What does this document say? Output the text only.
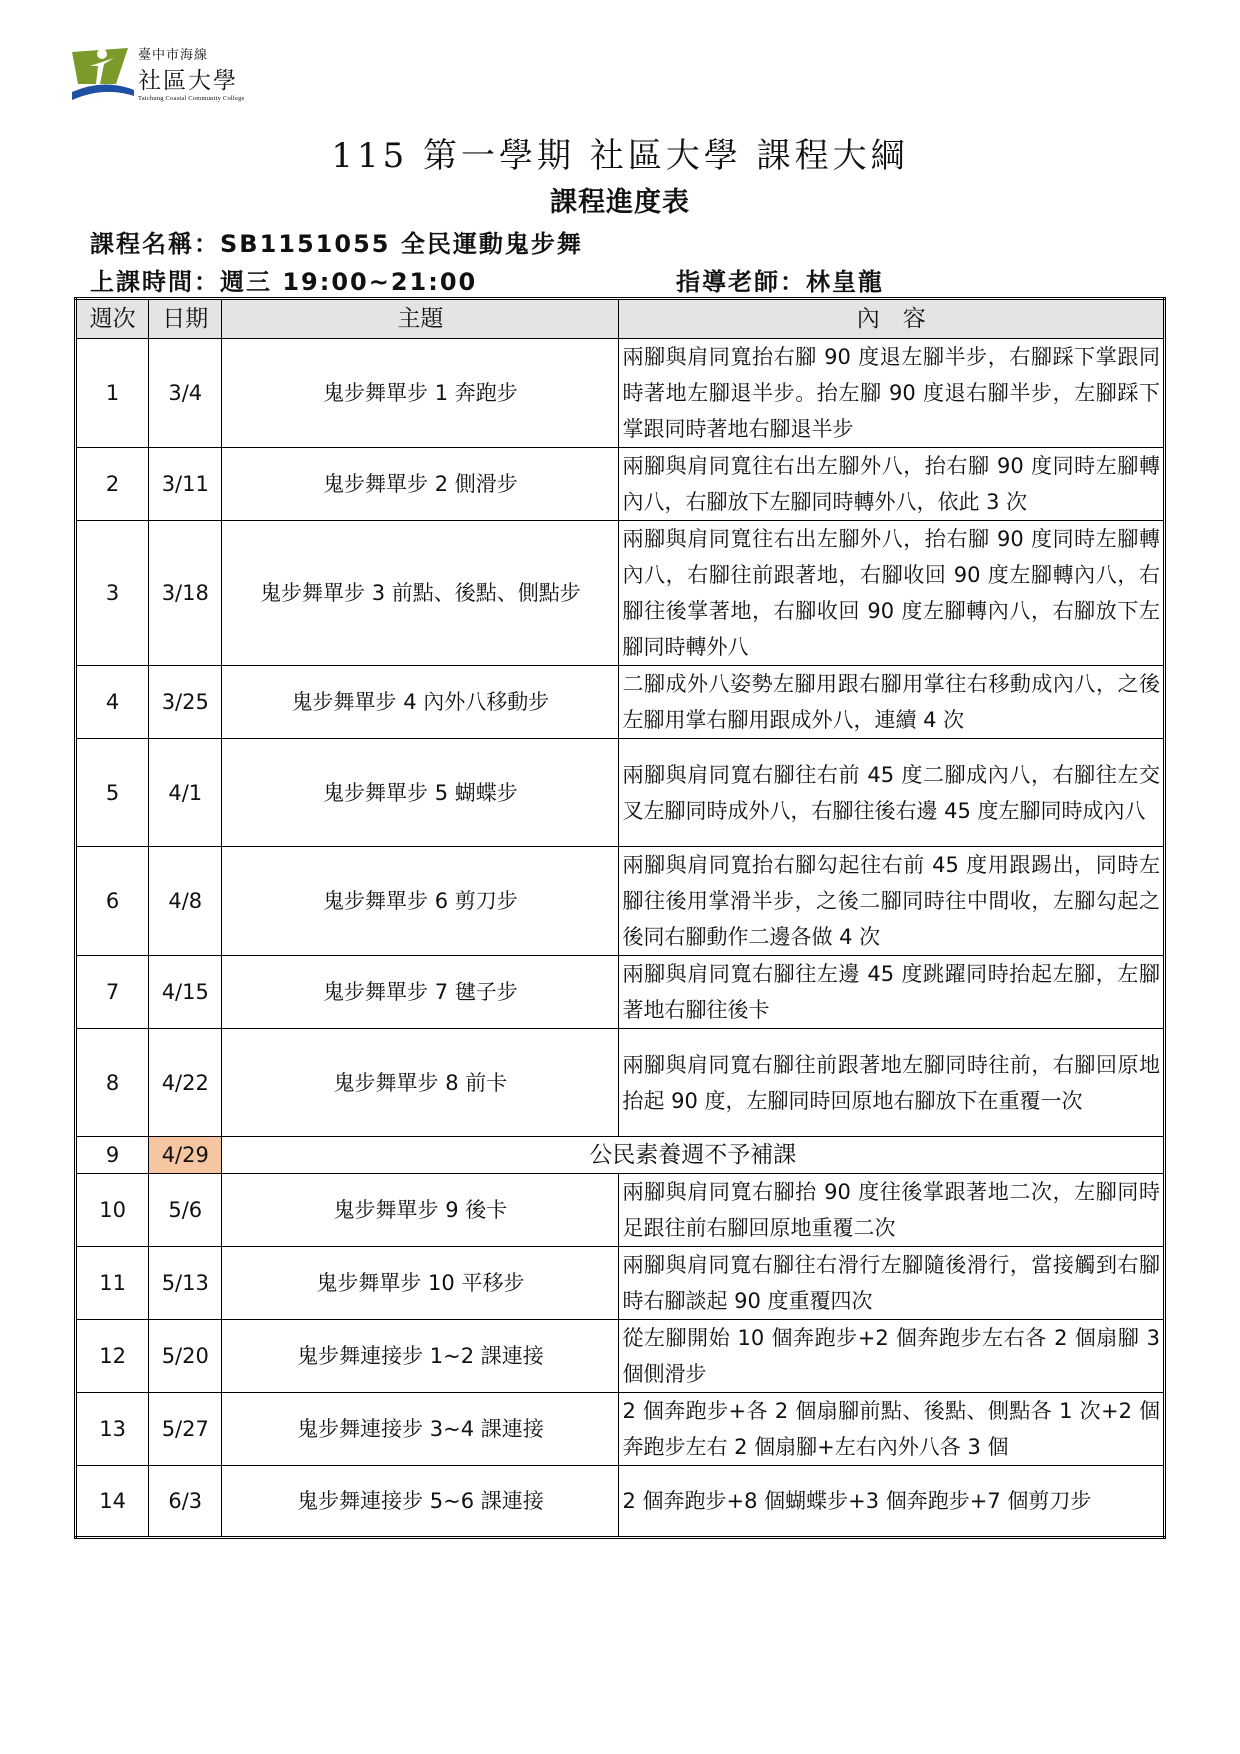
臺中市海線
社區大學
Taichung Coastal Community College
115 第一學期 社區大學 課程大綱
課程進度表
課程名稱：SB1151055 全民運動鬼步舞
上課時間：週三 19:00~21:00	指導老師：林皇龍
週次	日期	主題	內　容
1	3/4	鬼步舞單步 1 奔跑步	兩腳與肩同寬抬右腳 90 度退左腳半步，右腳踩下掌跟同時著地左腳退半步。抬左腳 90 度退右腳半步，左腳踩下掌跟同時著地右腳退半步
2	3/11	鬼步舞單步 2 側滑步	兩腳與肩同寬往右出左腳外八，抬右腳 90 度同時左腳轉內八，右腳放下左腳同時轉外八，依此 3 次
3	3/18	鬼步舞單步 3 前點、後點、側點步	兩腳與肩同寬往右出左腳外八，抬右腳 90 度同時左腳轉內八，右腳往前跟著地，右腳收回 90 度左腳轉內八，右腳往後掌著地，右腳收回 90 度左腳轉內八，右腳放下左腳同時轉外八
4	3/25	鬼步舞單步 4 內外八移動步	二腳成外八姿勢左腳用跟右腳用掌往右移動成內八，之後左腳用掌右腳用跟成外八，連續 4 次
5	4/1	鬼步舞單步 5 蝴蝶步	兩腳與肩同寬右腳往右前 45 度二腳成內八，右腳往左交叉左腳同時成外八，右腳往後右邊 45 度左腳同時成內八
6	4/8	鬼步舞單步 6 剪刀步	兩腳與肩同寬抬右腳勾起往右前 45 度用跟踢出，同時左腳往後用掌滑半步，之後二腳同時往中間收，左腳勾起之後同右腳動作二邊各做 4 次
7	4/15	鬼步舞單步 7 毽子步	兩腳與肩同寬右腳往左邊 45 度跳躍同時抬起左腳，左腳著地右腳往後卡
8	4/22	鬼步舞單步 8 前卡	兩腳與肩同寬右腳往前跟著地左腳同時往前，右腳回原地抬起 90 度，左腳同時回原地右腳放下在重覆一次
9	4/29	公民素養週不予補課	
10	5/6	鬼步舞單步 9 後卡	兩腳與肩同寬右腳抬 90 度往後掌跟著地二次，左腳同時足跟往前右腳回原地重覆二次
11	5/13	鬼步舞單步 10 平移步	兩腳與肩同寬右腳往右滑行左腳隨後滑行，當接觸到右腳時右腳談起 90 度重覆四次
12	5/20	鬼步舞連接步 1~2 課連接	從左腳開始 10 個奔跑步+2 個奔跑步左右各 2 個扇腳 3 個側滑步
13	5/27	鬼步舞連接步 3~4 課連接	2 個奔跑步+各 2 個扇腳前點、後點、側點各 1 次+2 個奔跑步左右 2 個扇腳+左右內外八各 3 個
14	6/3	鬼步舞連接步 5~6 課連接	2 個奔跑步+8 個蝴蝶步+3 個奔跑步+7 個剪刀步
